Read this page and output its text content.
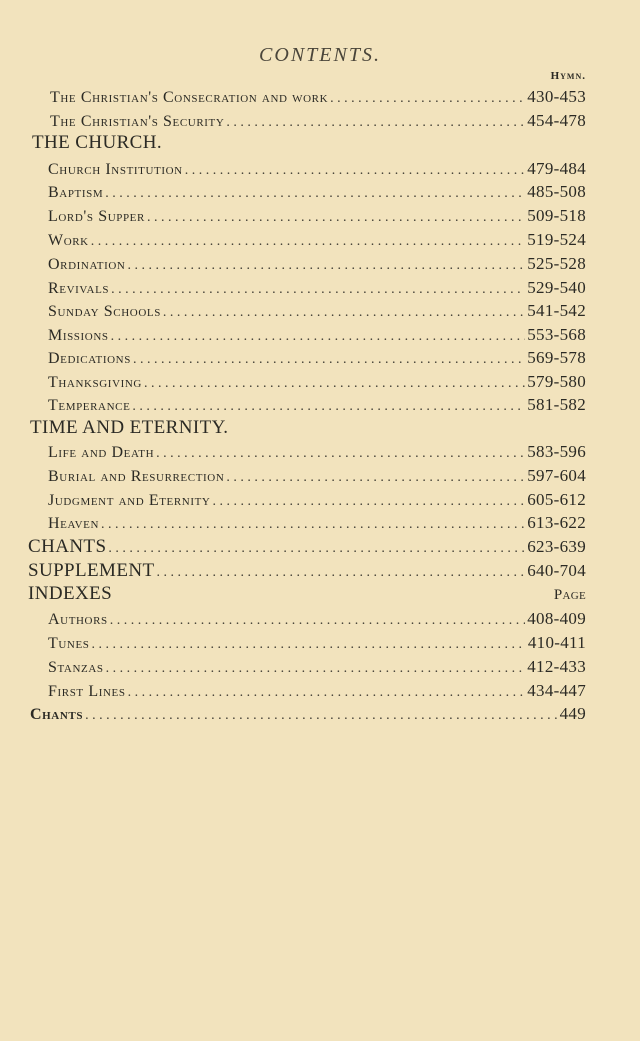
CONTENTS.
Hymn.
The Christian's Consecration and work . . .	430-453
The Christian's Security . . .	454-478
THE CHURCH.
Church Institution . . .	479-484
Baptism . . .	485-508
Lord's Supper . . .	509-518
Work . . .	519-524
Ordination . . .	525-528
Revivals . . .	529-540
Sunday Schools . . .	541-542
Missions . . .	553-568
Dedications . . .	569-578
Thanksgiving . . .	579-580
Temperance . . .	581-582
TIME AND ETERNITY.
Life and Death . . .	583-596
Burial and Resurrection . . .	597-604
Judgment and Eternity . . .	605-612
Heaven . . .	613-622
CHANTS . . .	623-639
SUPPLEMENT . . .	640-704
INDEXES	Page
Authors . . .	408-409
Tunes . . .	410-411
Stanzas . . .	412-433
First Lines . . .	434-447
Chants . . .	449
